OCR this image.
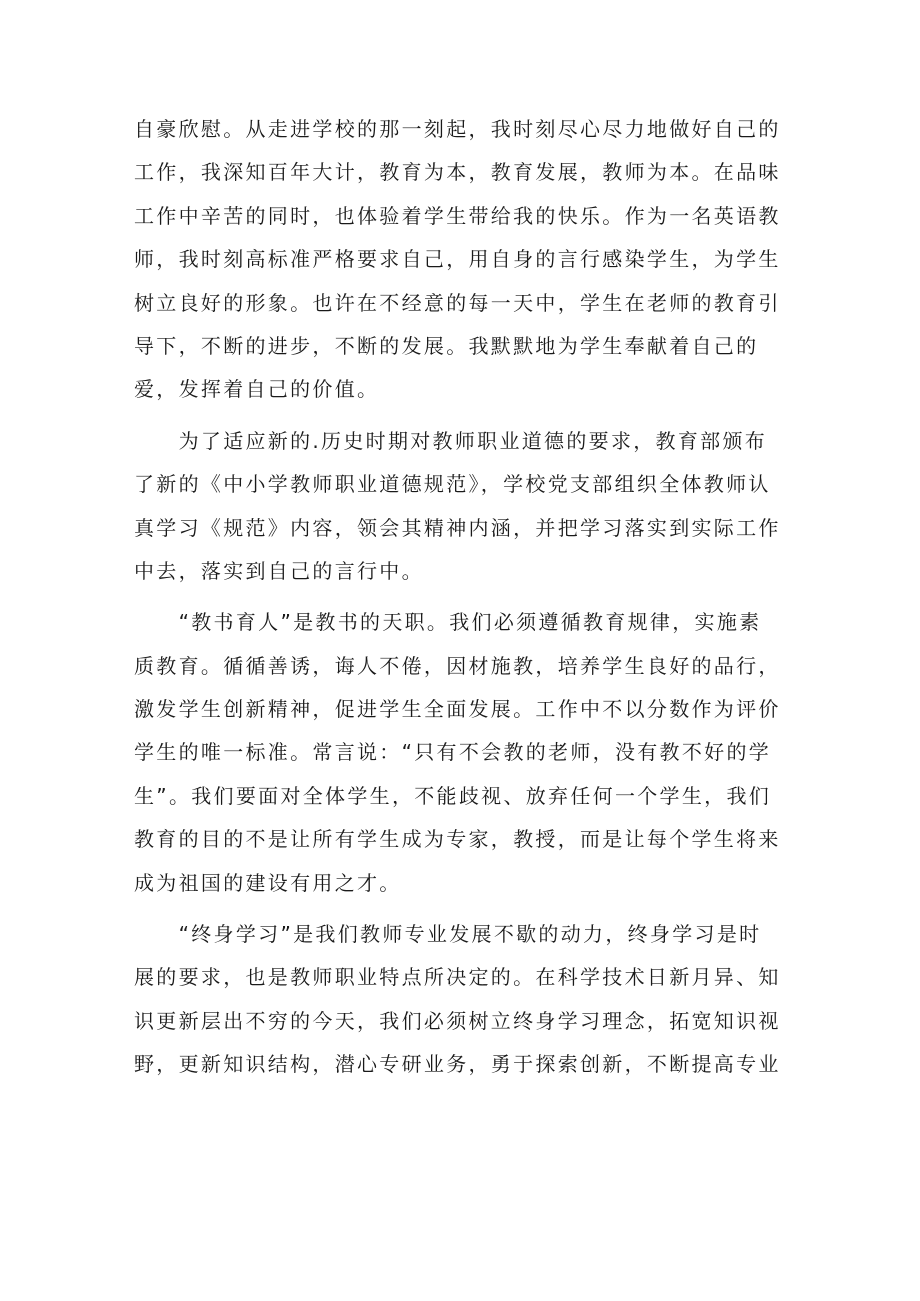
自豪欣慰。从走进学校的那一刻起，我时刻尽心尽力地做好自己的
工作，我深知百年大计，教育为本，教育发展，教师为本。在品味
工作中辛苦的同时，也体验着学生带给我的快乐。作为一名英语教
师，我时刻高标准严格要求自己，用自身的言行感染学生，为学生
树立良好的形象。也许在不经意的每一天中，学生在老师的教育引
导下，不断的进步，不断的发展。我默默地为学生奉献着自己的
爱，发挥着自己的价值。
　　为了适应新的.历史时期对教师职业道德的要求，教育部颁布
了新的《中小学教师职业道德规范》，学校党支部组织全体教师认
真学习《规范》内容，领会其精神内涵，并把学习落实到实际工作
中去，落实到自己的言行中。
　　“教书育人”是教书的天职。我们必须遵循教育规律，实施素
质教育。循循善诱，诲人不倦，因材施教，培养学生良好的品行，
激发学生创新精神，促进学生全面发展。工作中不以分数作为评价
学生的唯一标准。常言说：“只有不会教的老师，没有教不好的学
生”。我们要面对全体学生，不能歧视、放弃任何一个学生，我们
教育的目的不是让所有学生成为专家，教授，而是让每个学生将来
成为祖国的建设有用之才。
　　“终身学习”是我们教师专业发展不歇的动力，终身学习是时
展的要求，也是教师职业特点所决定的。在科学技术日新月异、知
识更新层出不穷的今天，我们必须树立终身学习理念，拓宽知识视
野，更新知识结构，潜心专研业务，勇于探索创新，不断提高专业
